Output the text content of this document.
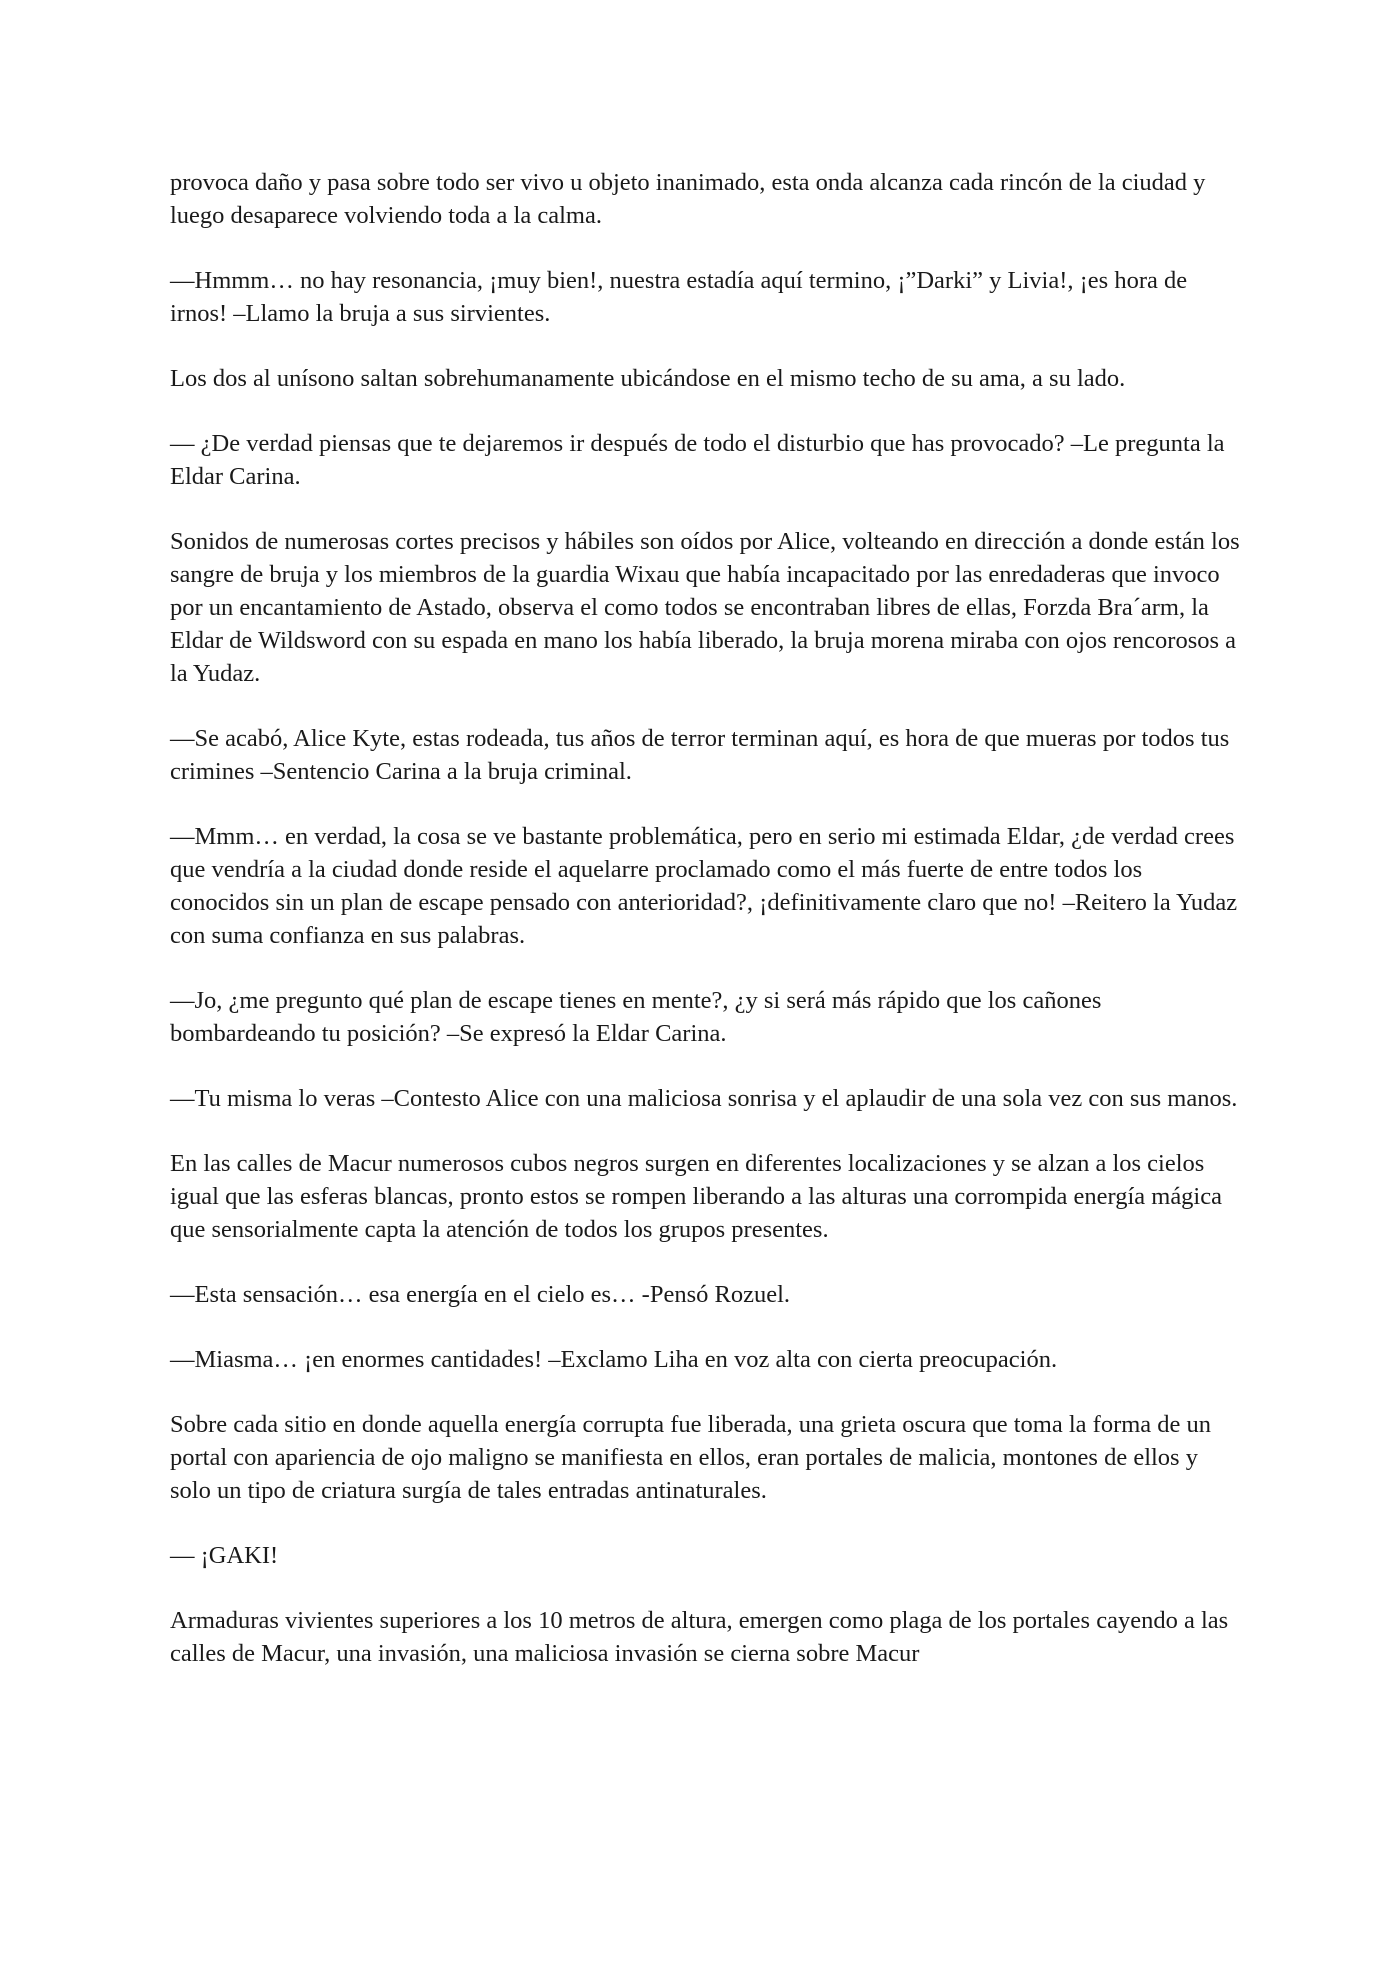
provoca daño y pasa sobre todo ser vivo u objeto inanimado, esta onda alcanza cada rincón de la ciudad y luego desaparece volviendo toda a la calma.

—Hmmm… no hay resonancia, ¡muy bien!, nuestra estadía aquí termino, ¡”Darki” y Livia!, ¡es hora de irnos! –Llamo la bruja a sus sirvientes.

Los dos al unísono saltan sobrehumanamente ubicándose en el mismo techo de su ama, a su lado.

— ¿De verdad piensas que te dejaremos ir después de todo el disturbio que has provocado? –Le pregunta la Eldar Carina.

Sonidos de numerosas cortes precisos y hábiles son oídos por Alice, volteando en dirección a donde están los sangre de bruja y los miembros de la guardia Wixau que había incapacitado por las enredaderas que invoco por un encantamiento de Astado, observa el como todos se encontraban libres de ellas, Forzda Bra´arm, la Eldar de Wildsword con su espada en mano los había liberado, la bruja morena miraba con ojos rencorosos a la Yudaz.

—Se acabó, Alice Kyte, estas rodeada, tus años de terror terminan aquí, es hora de que mueras por todos tus crimines –Sentencio Carina a la bruja criminal.

—Mmm… en verdad, la cosa se ve bastante problemática, pero en serio mi estimada Eldar, ¿de verdad crees que vendría a la ciudad donde reside el aquelarre proclamado como el más fuerte de entre todos los conocidos sin un plan de escape pensado con anterioridad?, ¡definitivamente claro que no! –Reitero la Yudaz con suma confianza en sus palabras.

—Jo, ¿me pregunto qué plan de escape tienes en mente?, ¿y si será más rápido que los cañones bombardeando tu posición? –Se expresó la Eldar Carina.

—Tu misma lo veras –Contesto Alice con una maliciosa sonrisa y el aplaudir de una sola vez con sus manos.

En las calles de Macur numerosos cubos negros surgen en diferentes localizaciones y se alzan a los cielos igual que las esferas blancas, pronto estos se rompen liberando a las alturas una corrompida energía mágica que sensorialmente capta la atención de todos los grupos presentes.

—Esta sensación… esa energía en el cielo es… -Pensó Rozuel.

—Miasma… ¡en enormes cantidades! –Exclamo Liha en voz alta con cierta preocupación.

Sobre cada sitio en donde aquella energía corrupta fue liberada, una grieta oscura que toma la forma de un portal con apariencia de ojo maligno se manifiesta en ellos, eran portales de malicia, montones de ellos y solo un tipo de criatura surgía de tales entradas antinaturales.

— ¡GAKI!

Armaduras vivientes superiores a los 10 metros de altura, emergen como plaga de los portales cayendo a las calles de Macur, una invasión, una maliciosa invasión se cierna sobre Macur
